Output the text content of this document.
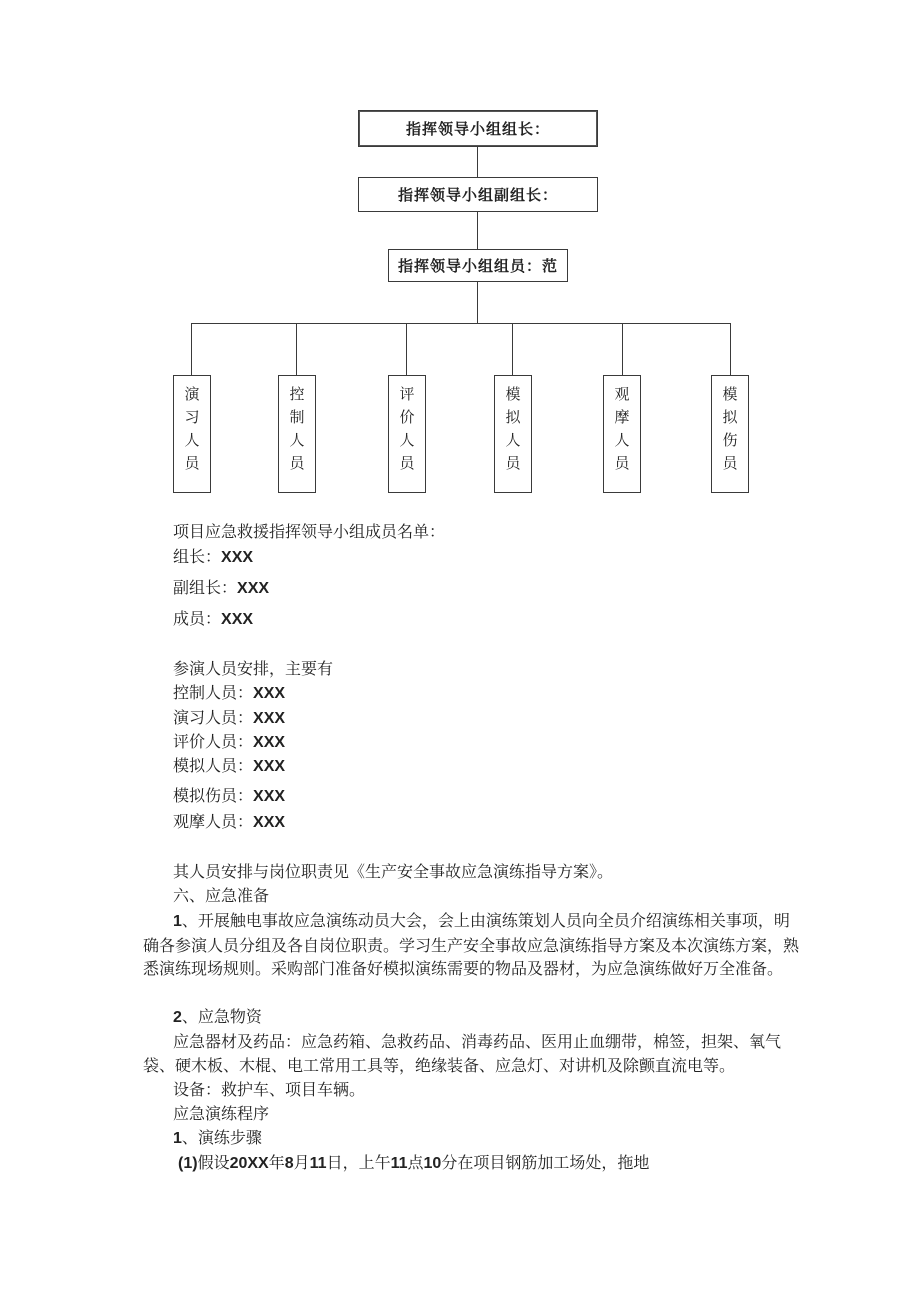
指挥领导小组组长：
指挥领导小组副组长：
指挥领导小组组员：范
演习人员	控制人员	评价人员	模拟人员	观摩人员	模拟伤员
项目应急救援指挥领导小组成员名单：
组长：XXX
副组长：XXX
成员：XXX
参演人员安排，主要有
控制人员：XXX
演习人员：XXX
评价人员：XXX
模拟人员：XXX
模拟伤员：XXX
观摩人员：XXX
其人员安排与岗位职责见《生产安全事故应急演练指导方案》。
六、应急准备
1、开展触电事故应急演练动员大会，会上由演练策划人员向全员介绍演练相关事项，明确各参演人员分组及各自岗位职责。学习生产安全事故应急演练指导方案及本次演练方案，熟悉演练现场规则。采购部门准备好模拟演练需要的物品及器材，为应急演练做好万全准备。
2、应急物资
应急器材及药品：应急药箱、急救药品、消毒药品、医用止血绷带，棉签，担架、氧气袋、硬木板、木棍、电工常用工具等，绝缘装备、应急灯、对讲机及除颤直流电等。
设备：救护车、项目车辆。
应急演练程序
1、演练步骤
(1)假设20XX年8月11日，上午11点10分在项目钢筋加工场处，拖地
